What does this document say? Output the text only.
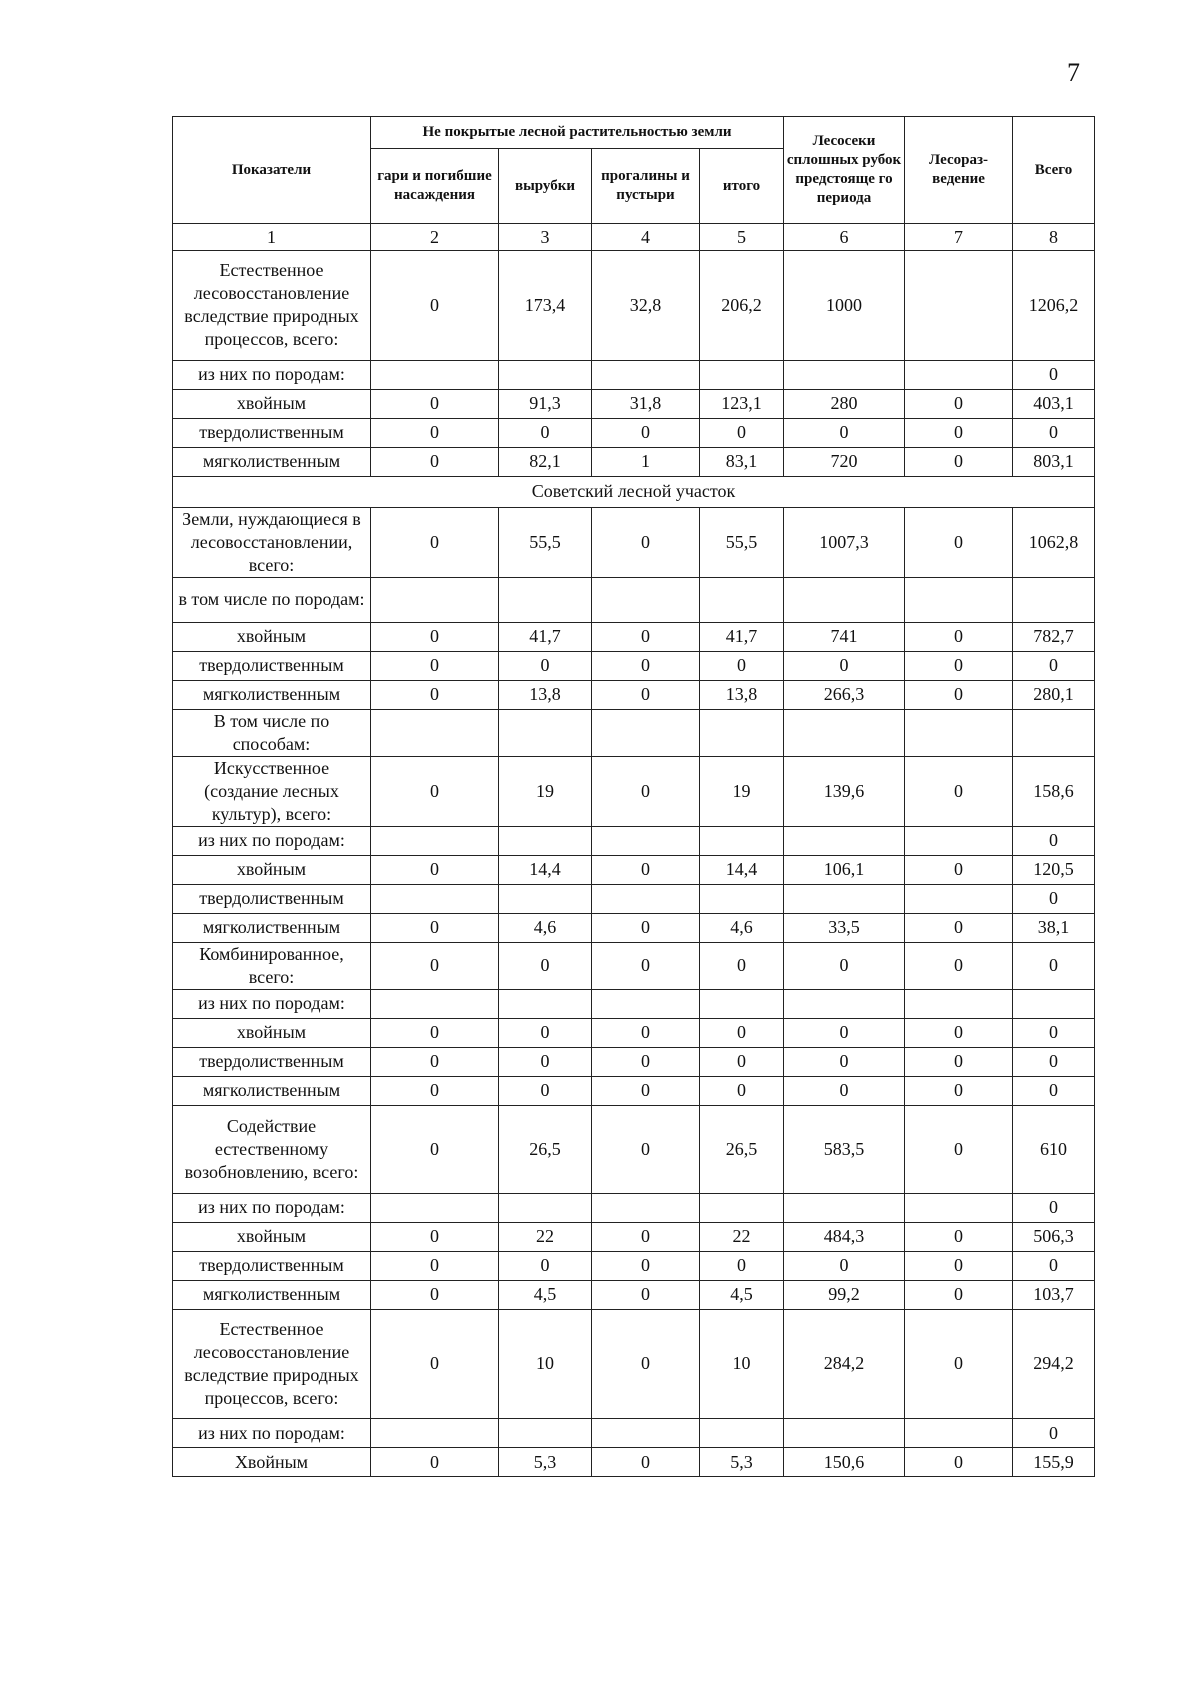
7
Показатели	Не покрытые лесной растительностью земли				Лесосеки сплошных рубок предстояще го периода	Лесораз- ведение	Всего
	гари и погибшие насаждения	вырубки	прогалины и пустыри	итого			
1	2	3	4	5	6	7	8
Естественное лесовосстановление вследствие природных процессов, всего:	0	173,4	32,8	206,2	1000		1206,2
из них по породам:							0
хвойным	0	91,3	31,8	123,1	280	0	403,1
твердолиственным	0	0	0	0	0	0	0
мягколиственным	0	82,1	1	83,1	720	0	803,1
Советский лесной участок							
Земли, нуждающиеся в лесовосстановлении, всего:	0	55,5	0	55,5	1007,3	0	1062,8
в том числе по породам:							
хвойным	0	41,7	0	41,7	741	0	782,7
твердолиственным	0	0	0	0	0	0	0
мягколиственным	0	13,8	0	13,8	266,3	0	280,1
В том числе по способам:							
Искусственное (создание лесных культур), всего:	0	19	0	19	139,6	0	158,6
из них по породам:							0
хвойным	0	14,4	0	14,4	106,1	0	120,5
твердолиственным							0
мягколиственным	0	4,6	0	4,6	33,5	0	38,1
Комбинированное, всего:	0	0	0	0	0	0	0
из них по породам:							
хвойным	0	0	0	0	0	0	0
твердолиственным	0	0	0	0	0	0	0
мягколиственным	0	0	0	0	0	0	0
Содействие естественному возобновлению, всего:	0	26,5	0	26,5	583,5	0	610
из них по породам:							0
хвойным	0	22	0	22	484,3	0	506,3
твердолиственным	0	0	0	0	0	0	0
мягколиственным	0	4,5	0	4,5	99,2	0	103,7
Естественное лесовосстановление вследствие природных процессов, всего:	0	10	0	10	284,2	0	294,2
из них по породам:							0
Хвойным	0	5,3	0	5,3	150,6	0	155,9
